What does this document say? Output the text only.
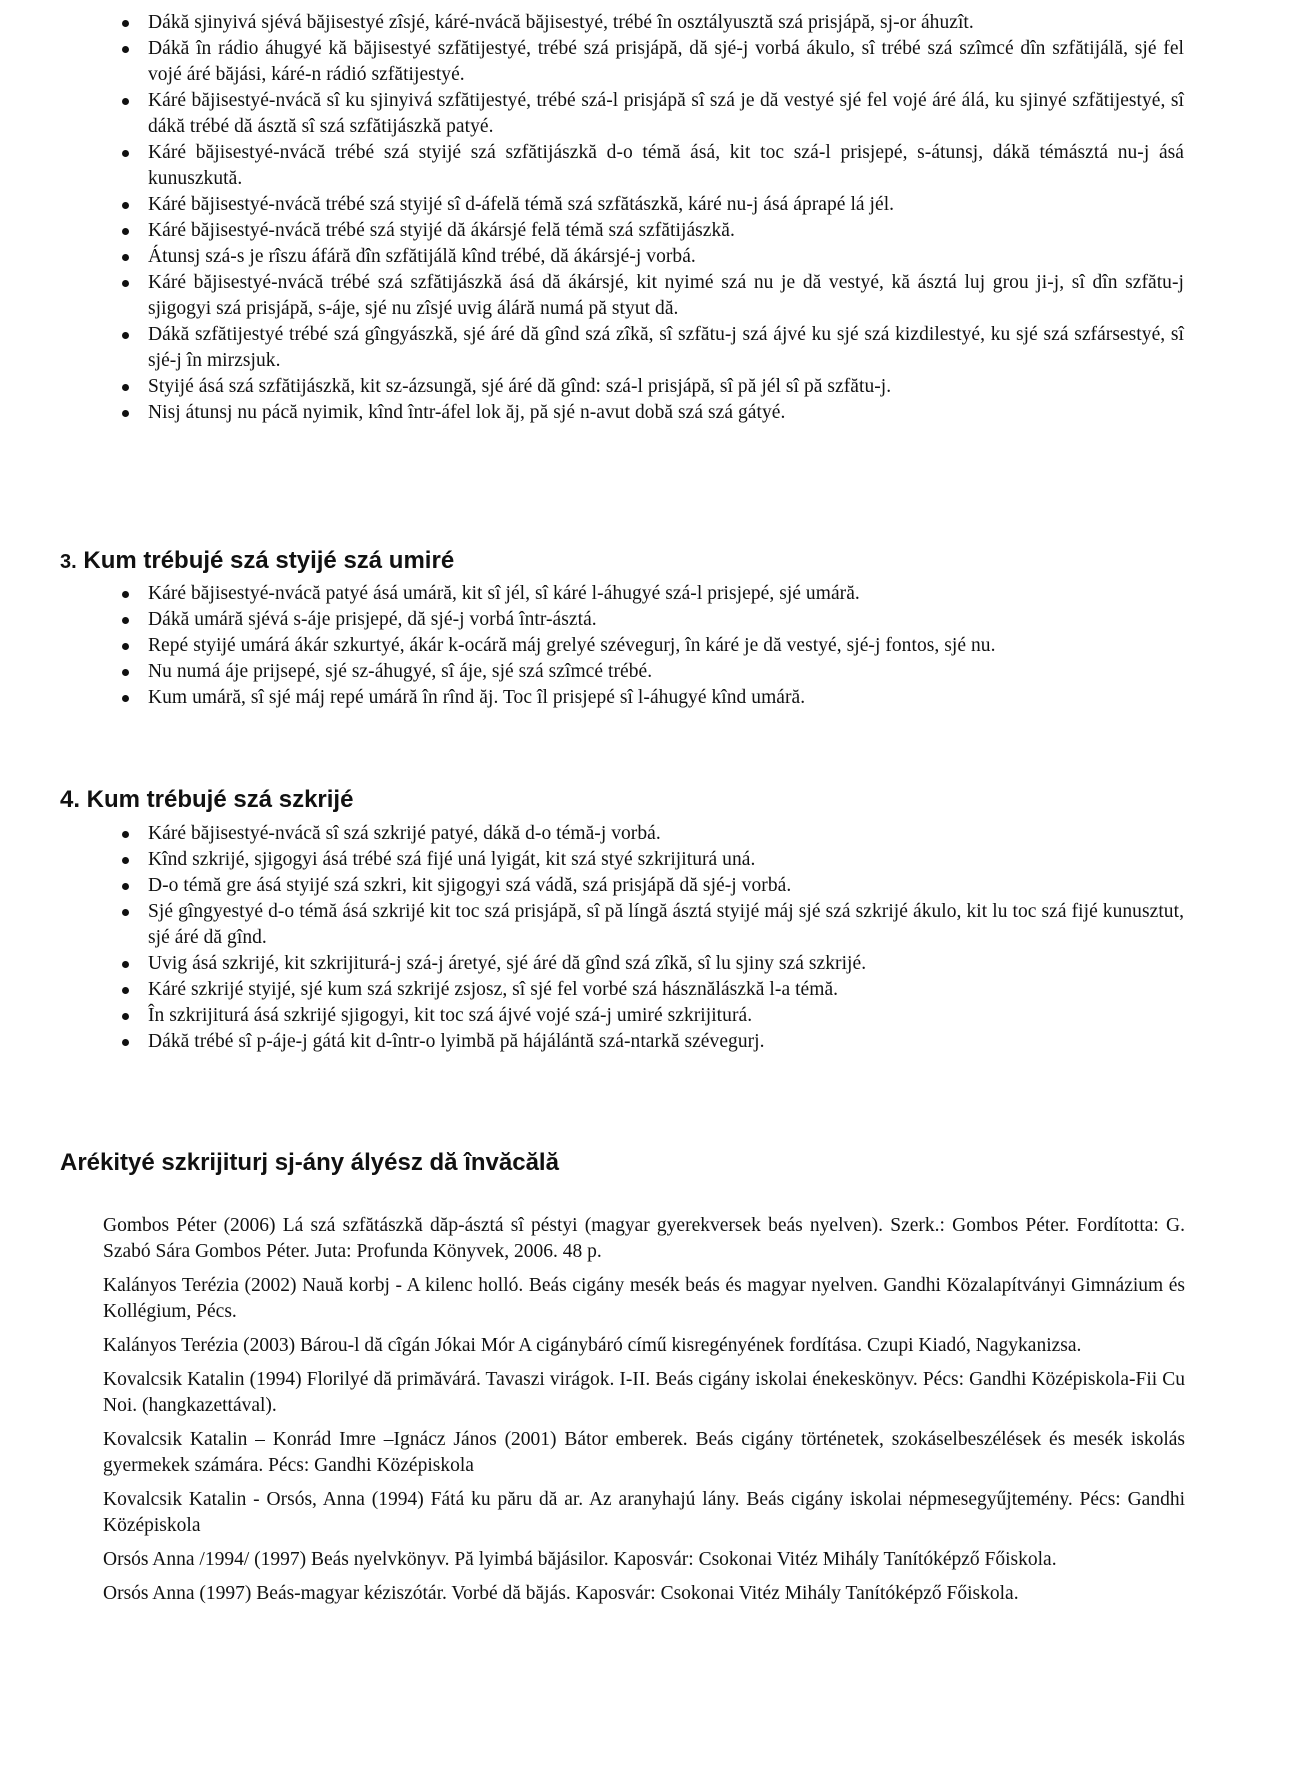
Dákă sjinyivá sjévá băjisestyé zîsjé, káré-nvácă băjisestyé, trébé în osztályusztă szá prisjápă, sj-or áhuzît.
Dákă în rádio áhugyé kă băjisestyé szfătijestyé, trébé szá prisjápă, dă sjé-j vorbá ákulo, sî trébé szá szîmcé dîn szfătijálă, sjé fel vojé áré băjási, káré-n rádió szfătijestyé.
Káré băjisestyé-nvácă sî ku sjinyivá szfătijestyé, trébé szá-l prisjápă sî szá je dă vestyé sjé fel vojé áré álá, ku sjinyé szfătijestyé, sî dákă trébé dă ásztă sî szá szfătijászkă patyé.
Káré băjisestyé-nvácă trébé szá styijé szá szfătijászkă d-o témă ásá, kit toc szá-l prisjepé, s-átunsj, dákă témásztá nu-j ásá kunuszkută.
Káré băjisestyé-nvácă trébé szá styijé sî d-áfelă témă szá szfătászkă, káré nu-j ásá áprapé lá jél.
Káré băjisestyé-nvácă trébé szá styijé dă ákársjé felă témă szá szfătijászkă.
Átunsj szá-s je rîszu áfáră dîn szfătijálă kînd trébé, dă ákársjé-j vorbá.
Káré băjisestyé-nvácă trébé szá szfătijászkă ásá dă ákársjé, kit nyimé szá nu je dă vestyé, kă ásztá luj grou ji-j, sî dîn szfătu-j sjigogyi szá prisjápă, s-áje, sjé nu zîsjé uvig áláră numá pă styut dă.
Dákă szfătijestyé trébé szá gîngyászkă, sjé áré dă gînd szá zîkă, sî szfătu-j szá ájvé ku sjé szá kizdilestyé, ku sjé szá szfársestyé, sî sjé-j în mirzsjuk.
Styijé ásá szá szfătijászkă, kit sz-ázsungă, sjé áré dă gînd: szá-l prisjápă, sî pă jél sî pă szfătu-j.
Nisj átunsj nu pácă nyimik, kînd într-áfel lok ăj, pă sjé n-avut dobă szá szá gátyé.
3. Kum trébujé szá styijé szá umiré
Káré băjisestyé-nvácă patyé ásá umáră, kit sî jél, sî káré l-áhugyé szá-l prisjepé, sjé umáră.
Dákă umáră sjévá s-áje prisjepé, dă sjé-j vorbá într-ásztá.
Repé styijé umárá ákár szkurtyé, ákár k-ocáră máj grelyé szévegurj, în káré je dă vestyé, sjé-j fontos, sjé nu.
Nu numá áje prijsepé, sjé sz-áhugyé, sî áje, sjé szá szîmcé trébé.
Kum umáră, sî sjé máj repé umáră în rînd ăj. Toc îl prisjepé sî l-áhugyé kînd umáră.
4. Kum trébujé szá szkrijé
Káré băjisestyé-nvácă sî szá szkrijé patyé, dákă d-o témă-j vorbá.
Kînd szkrijé, sjigogyi ásá trébé szá fijé uná lyigát, kit szá styé szkrijiturá uná.
D-o témă gre ásá styijé szá szkri, kit sjigogyi szá vádă, szá prisjápă dă sjé-j vorbá.
Sjé gîngyestyé d-o témă ásá szkrijé kit toc szá prisjápă, sî pă língă ásztá styijé máj sjé szá szkrijé ákulo, kit lu toc szá fijé kunusztut, sjé áré dă gînd.
Uvig ásá szkrijé, kit szkrijiturá-j szá-j áretyé, sjé áré dă gînd szá zîkă, sî lu sjiny szá szkrijé.
Káré szkrijé styijé, sjé kum szá szkrijé zsjosz, sî sjé fel vorbé szá hásznălászkă l-a témă.
În szkrijiturá ásá szkrijé sjigogyi, kit toc szá ájvé vojé szá-j umiré szkrijiturá.
Dákă trébé sî p-áje-j gátá kit d-într-o lyimbă pă hájálántă szá-ntarkă szévegurj.
Arékityé szkrijiturj sj-ány ályész dă învăcălă

Gombos Péter (2006) Lá szá szfătászkă dăp-ásztá sî péstyi (magyar gyerekversek beás nyelven). Szerk.: Gombos Péter. Fordította: G. Szabó Sára Gombos Péter. Juta: Profunda Könyvek, 2006. 48 p.

Kalányos Terézia (2002) Nauă korbj - A kilenc holló. Beás cigány mesék beás és magyar nyelven. Gandhi Közalapítványi Gimnázium és Kollégium, Pécs.

Kalányos Terézia (2003) Bárou-l dă cîgán Jókai Mór A cigánybáró című kisregényének fordítása. Czupi Kiadó, Nagykanizsa.

Kovalcsik Katalin (1994) Florilyé dă primăvárá. Tavaszi virágok. I-II. Beás cigány iskolai énekeskönyv. Pécs: Gandhi Középiskola-Fii Cu Noi. (hangkazettával).

Kovalcsik Katalin – Konrád Imre –Ignácz János (2001) Bátor emberek. Beás cigány történetek, szokáselbeszélések és mesék iskolás gyermekek számára. Pécs: Gandhi Középiskola

Kovalcsik Katalin - Orsós, Anna (1994) Fátá ku păru dă ar. Az aranyhajú lány. Beás cigány iskolai népmesegyűjtemény. Pécs: Gandhi Középiskola

Orsós Anna /1994/ (1997) Beás nyelvkönyv. Pă lyimbá băjásilor. Kaposvár: Csokonai Vitéz Mihály Tanítóképző Főiskola.

Orsós Anna (1997) Beás-magyar kéziszótár. Vorbé dă băjás. Kaposvár: Csokonai Vitéz Mihály Tanítóképző Főiskola.
